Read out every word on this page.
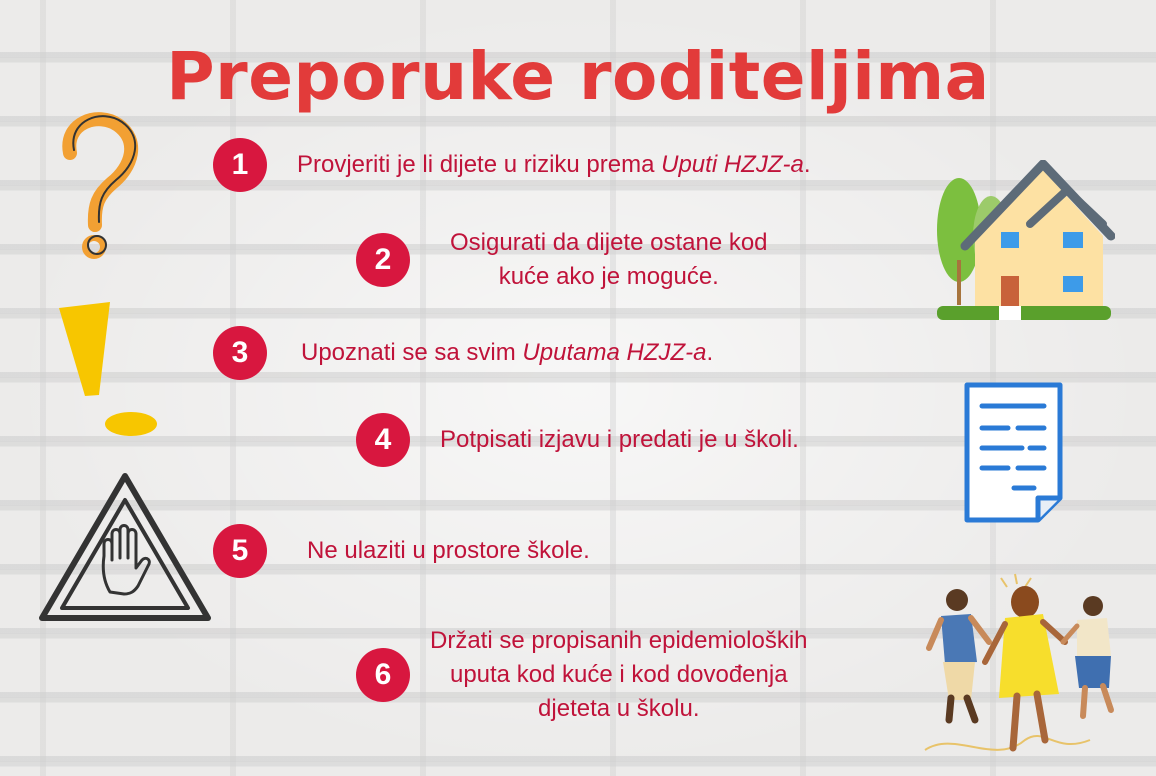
Preporuke roditeljima
1	Provjeriti je li dijete u riziku prema Uputi HZJZ-a.
2
Osigurati da dijete ostane kod
kuće ako je moguće.
3	Upoznati se sa svim Uputama HZJZ-a.
4	Potpisati izjavu i predati je u školi.
5	Ne ulaziti u prostore škole.
6
Držati se propisanih epidemioloških
uputa kod kuće i kod dovođenja
djeteta u školu.
